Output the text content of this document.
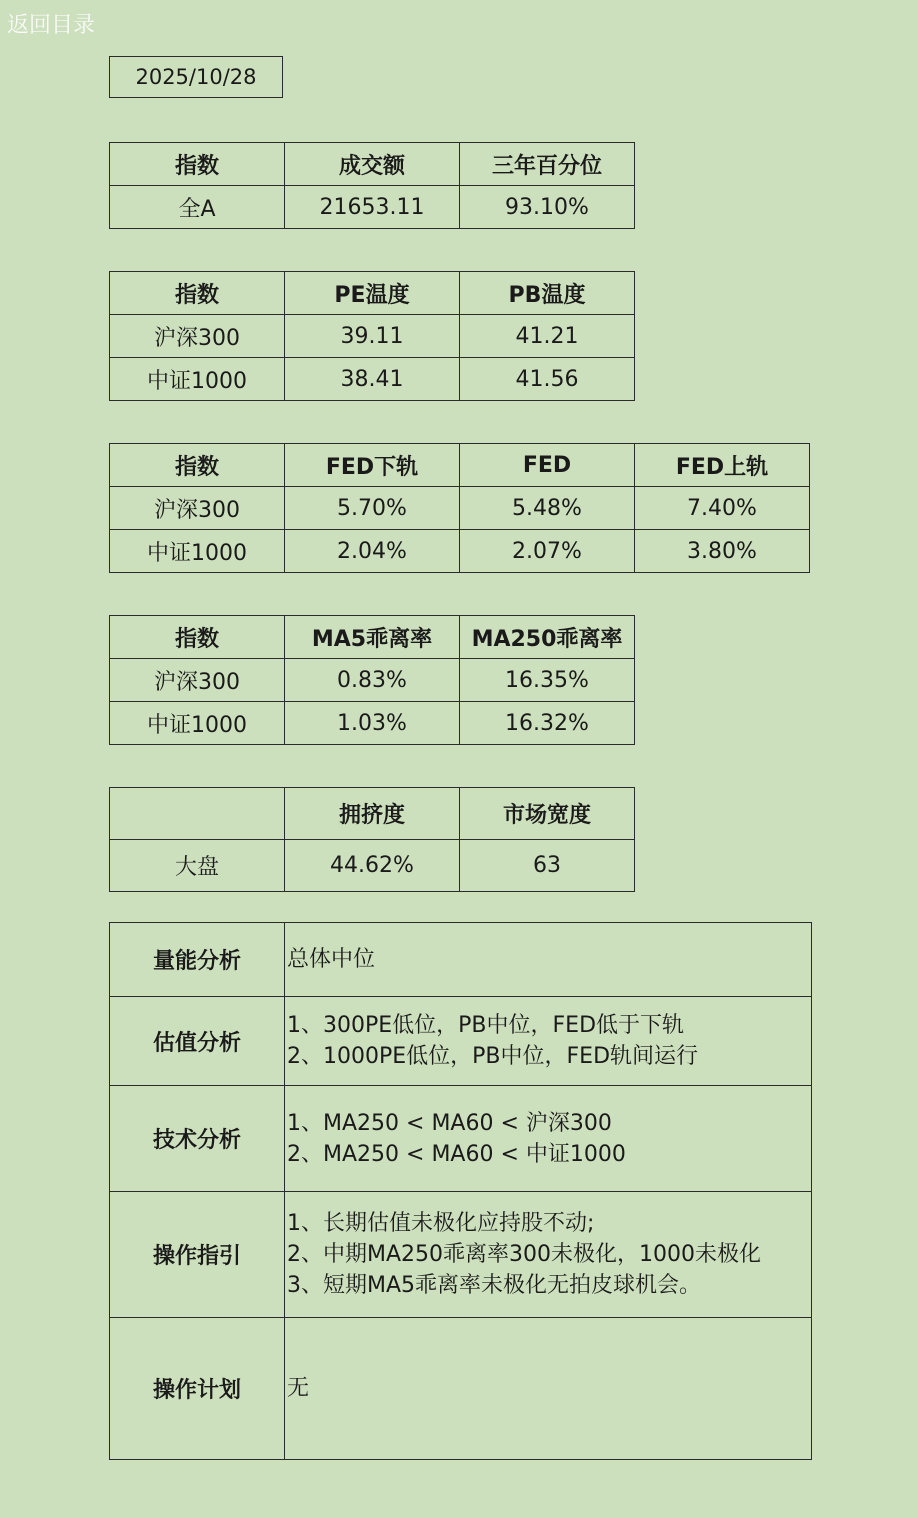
返回目录
2025/10/28
指数	成交额	三年百分位
全A	21653.11	93.10%
指数	PE温度	PB温度
沪深300	39.11	41.21
中证1000	38.41	41.56
指数	FED下轨	FED	FED上轨
沪深300	5.70%	5.48%	7.40%
中证1000	2.04%	2.07%	3.80%
指数	MA5乖离率	MA250乖离率
沪深300	0.83%	16.35%
中证1000	1.03%	16.32%
	拥挤度	市场宽度
大盘	44.62%	63
量能分析	总体中位

估值分析	1、300PE低位，PB中位，FED低于下轨
2、1000PE低位，PB中位，FED轨间运行

技术分析	1、MA250 < MA60 < 沪深300
2、MA250 < MA60 < 中证1000

操作指引	1、长期估值未极化应持股不动;
2、中期MA250乖离率300未极化，1000未极化
3、短期MA5乖离率未极化无拍皮球机会。

操作计划	无
